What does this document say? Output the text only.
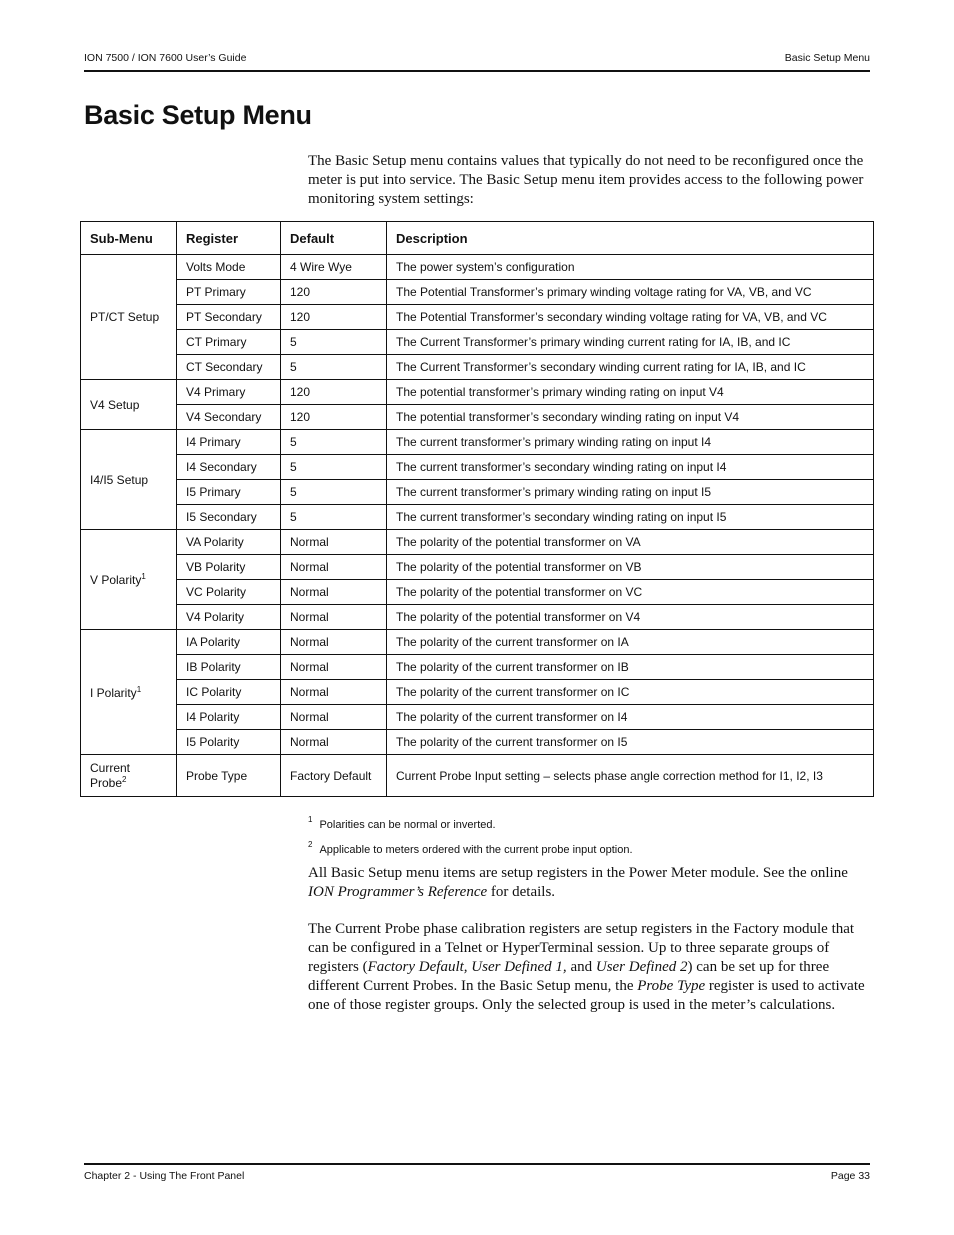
ION 7500 / ION 7600 User’s Guide	Basic Setup Menu
Basic Setup Menu

The Basic Setup menu contains values that typically do not need to be reconfigured once the meter is put into service. The Basic Setup menu item provides access to the following power monitoring system settings:

Sub-Menu	Register	Default	Description
PT/CT Setup	Volts Mode	4 Wire Wye	The power system’s configuration
	PT Primary	120	The Potential Transformer’s primary winding voltage rating for VA, VB, and VC
	PT Secondary	120	The Potential Transformer’s secondary winding voltage rating for VA, VB, and VC
	CT Primary	5	The Current Transformer’s primary winding current rating for IA, IB, and IC
	CT Secondary	5	The Current Transformer’s secondary winding current rating for IA, IB, and IC
V4 Setup	V4 Primary	120	The potential transformer’s primary winding rating on input V4
	V4 Secondary	120	The potential transformer’s secondary winding rating on input V4
I4/I5 Setup	I4 Primary	5	The current transformer’s primary winding rating on input I4
	I4 Secondary	5	The current transformer’s secondary winding rating on input I4
	I5 Primary	5	The current transformer’s primary winding rating on input I5
	I5 Secondary	5	The current transformer’s secondary winding rating on input I5
V Polarity$^1$	VA Polarity	Normal	The polarity of the potential transformer on VA
	VB Polarity	Normal	The polarity of the potential transformer on VB
	VC Polarity	Normal	The polarity of the potential transformer on VC
	V4 Polarity	Normal	The polarity of the potential transformer on V4
I Polarity$^1$	IA Polarity	Normal	The polarity of the current transformer on IA
	IB Polarity	Normal	The polarity of the current transformer on IB
	IC Polarity	Normal	The polarity of the current transformer on IC
	I4 Polarity	Normal	The polarity of the current transformer on I4
	I5 Polarity	Normal	The polarity of the current transformer on I5
Current Probe$^2$	Probe Type	Factory Default	Current Probe Input setting – selects phase angle correction method for I1, I2, I3
$^1$ Polarities can be normal or inverted.
$^2$ Applicable to meters ordered with the current probe input option.

All Basic Setup menu items are setup registers in the Power Meter module. See the online ION Programmer’s Reference for details.

The Current Probe phase calibration registers are setup registers in the Factory module that can be configured in a Telnet or HyperTerminal session. Up to three separate groups of registers (Factory Default, User Defined 1, and User Defined 2) can be set up for three different Current Probes. In the Basic Setup menu, the Probe Type register is used to activate one of those register groups. Only the selected group is used in the meter’s calculations.

Chapter 2 - Using The Front Panel	Page 33
